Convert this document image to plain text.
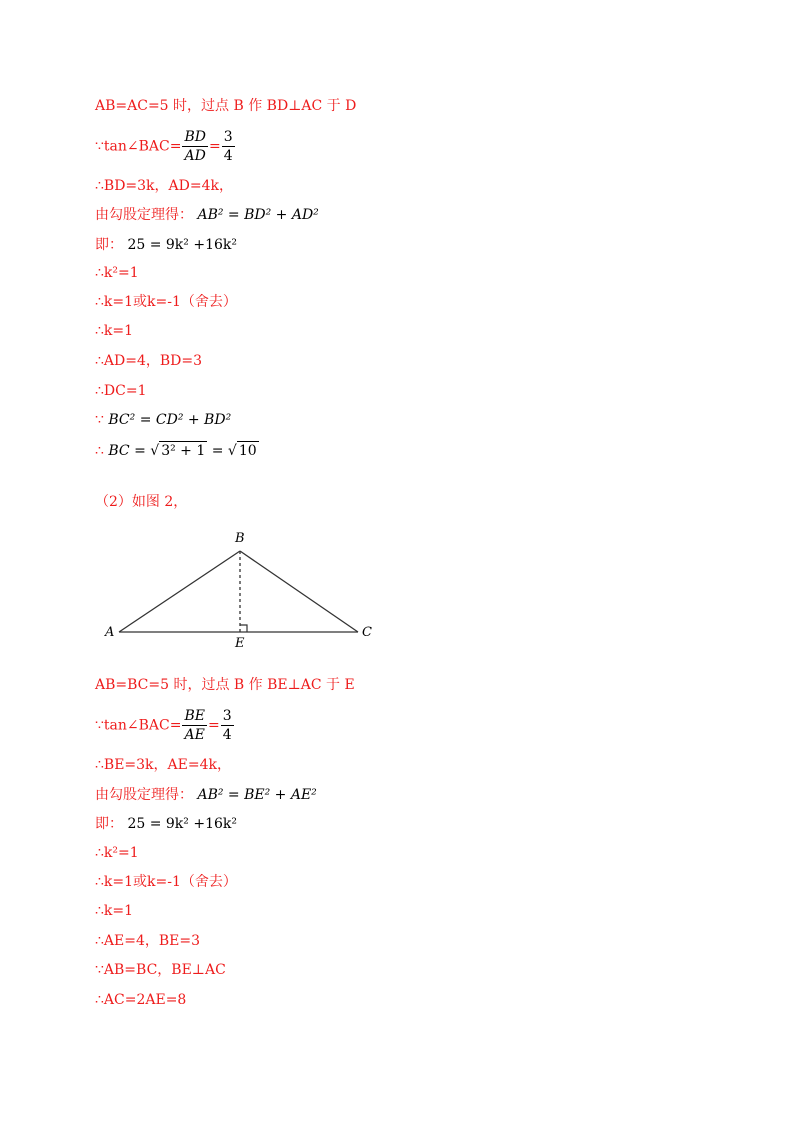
AB=AC=5 时，过点 B 作 BD⊥AC 于 D
∵tan∠BAC= $\frac{BD}{AD} = \frac{3}{4}$
∴BD=3k，AD=4k，
由勾股定理得： AB² = BD² + AD²
即： 25 = 9k² +16k²
∴k²=1
∴k=1或k=-1（舍去）
∴k=1
∴AD=4，BD=3
∴DC=1
∵ BC² = CD² + BD²
∴ BC = √ 3² + 1 = √ 10
（2）如图 2，
A
B
C
E
AB=BC=5 时，过点 B 作 BE⊥AC 于 E
∵tan∠BAC= $\frac{BE}{AE} = \frac{3}{4}$
∴BE=3k，AE=4k，
由勾股定理得： AB² = BE² + AE²
即： 25 = 9k² +16k²
∴k²=1
∴k=1或k=-1（舍去）
∴k=1
∴AE=4，BE=3
∵AB=BC，BE⊥AC
∴AC=2AE=8
